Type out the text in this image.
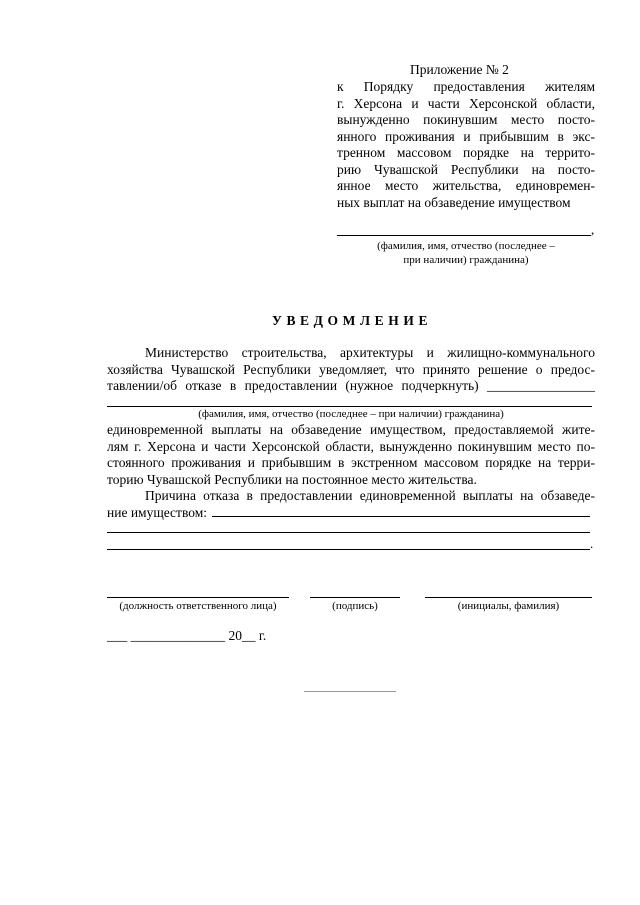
Приложение № 2
к Порядку предоставления жителям
г. Херсона и части Херсонской области,
вынужденно покинувшим место посто-
янного проживания и прибывшим в экс-
тренном массовом порядке на террито-
рию Чувашской Республики на посто-
янное место жительства, единовремен-
ных выплат на обзаведение имуществом
,
(фамилия, имя, отчество (последнее –
при наличии) гражданина)
УВЕДОМЛЕНИЕ
Министерство строительства, архитектуры и жилищно-коммунального
хозяйства Чувашской Республики уведомляет, что принято решение о предос-
тавлении/об отказе в предоставлении (нужное подчеркнуть) ________________
(фамилия, имя, отчество (последнее – при наличии) гражданина)
единовременной выплаты на обзаведение имуществом, предоставляемой жите-
лям г. Херсона и части Херсонской области, вынужденно покинувшим место по-
стоянного проживания и прибывшим в экстренном массовом порядке на терри-
торию Чувашской Республики на постоянное место жительства.
Причина отказа в предоставлении единовременной выплаты на обзаведе-
ние имуществом:
.
(должность ответственного лица)	(подпись)	(инициалы, фамилия)
___ ______________ 20__ г.
